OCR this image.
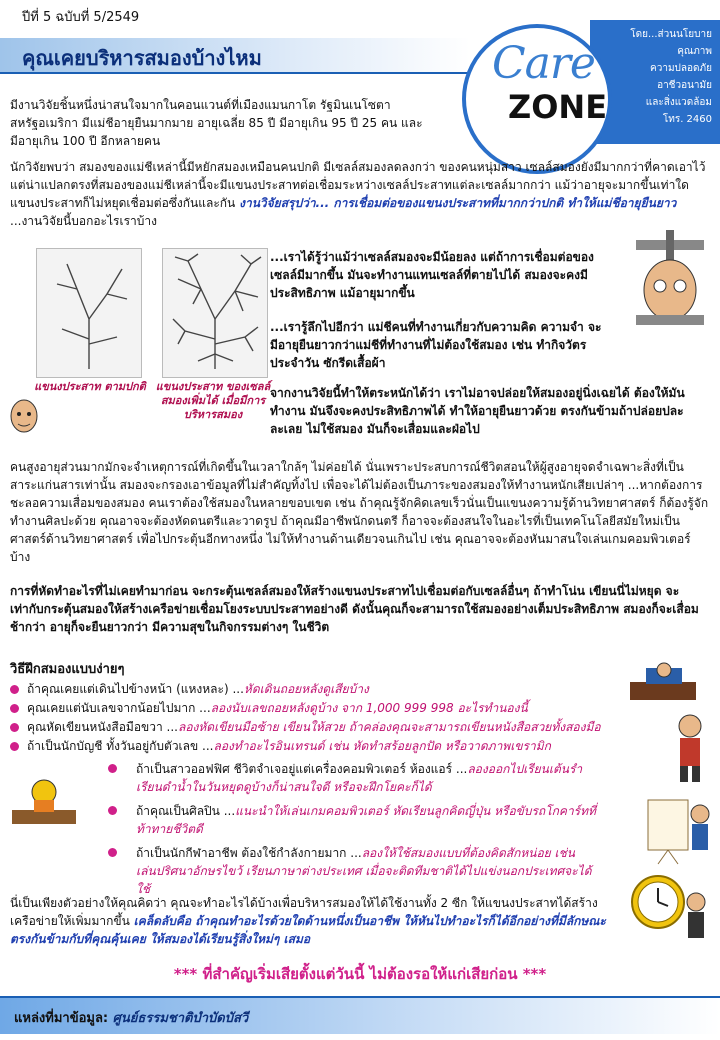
ปีที่ 5 ฉบับที่ 5/2549
คุณเคยบริหารสมองบ้างไหม
โดย...ส่วนนโยบาย
คุณภาพ
ความปลอดภัย
อาชีวอนามัย
และสิ่งแวดล้อม
โทร. 2460
Care
ZONE
มีงานวิจัยชิ้นหนึ่งน่าสนใจมากในคอนแวนต์ที่เมืองแมนกาโต รัฐมินเนโซตา สหรัฐอเมริกา มีแม่ชีอายุยืนมากมาย อายุเฉลี่ย 85 ปี มีอายุเกิน 95 ปี 25 คน และมีอายุเกิน 100 ปี อีกหลายคน
นักวิจัยพบว่า สมองของแม่ชีเหล่านี้มีหยักสมองเหมือนคนปกติ มีเซลล์สมองลดลงกว่า ของคนหนุ่มสาว เซลล์สมองยังมีมากกว่าที่คาดเอาไว้ แต่น่าแปลกตรงที่สมองของแม่ชีเหล่านี้จะมีแขนงประสาทต่อเชื่อมระหว่างเซลล์ประสาทแต่ละเซลล์มากกว่า แม้ว่าอายุจะมากขึ้นเท่าใด แขนงประสาทก็ไม่หยุดเชื่อมต่อซึ่งกันและกัน งานวิจัยสรุปว่า... การเชื่อมต่อของแขนงประสาทที่มากกว่าปกติ ทำให้แม่ชีอายุยืนยาว ...งานวิจัยนี้บอกอะไรเราบ้าง
แขนงประสาท ตามปกติ แขนงประสาท ของเซลล์สมองเพิ่มได้ เมื่อมีการบริหารสมอง
...เราได้รู้ว่าแม้ว่าเซลล์สมองจะมีน้อยลง แต่ถ้าการเชื่อมต่อของเซลล์มีมากขึ้น มันจะทำงานแทนเซลล์ที่ตายไปได้ สมองจะคงมีประสิทธิภาพ แม้อายุมากขึ้น
...เรารู้ลึกไปอีกว่า แม่ชีคนที่ทำงานเกี่ยวกับความคิด ความจำ จะมีอายุยืนยาวกว่าแม่ชีที่ทำงานที่ไม่ต้องใช้สมอง เช่น ทำกิจวัตรประจำวัน ซักรีดเสื้อผ้า
จากงานวิจัยนี้ทำให้ตระหนักได้ว่า เราไม่อาจปล่อยให้สมองอยู่นิ่งเฉยได้ ต้องให้มันทำงาน มันจึงจะคงประสิทธิภาพได้ ทำให้อายุยืนยาวด้วย ตรงกันข้ามถ้าปล่อยปละละเลย ไม่ใช้สมอง มันก็จะเสื่อมและฝ่อไป
คนสูงอายุส่วนมากมักจะจำเหตุการณ์ที่เกิดขึ้นในเวลาใกล้ๆ ไม่ค่อยได้ นั่นเพราะประสบการณ์ชีวิตสอนให้ผู้สูงอายุจดจำเฉพาะสิ่งที่เป็นสาระแก่นสารเท่านั้น สมองจะกรองเอาข้อมูลที่ไม่สำคัญทิ้งไป เพื่อจะได้ไม่ต้องเป็นภาระของสมองให้ทำงานหนักเสียเปล่าๆ ...หากต้องการชะลอความเสื่อมของสมอง คนเราต้องใช้สมองในหลายขอบเขต เช่น ถ้าคุณรู้จักคิดเลขเร็วนั่นเป็นแขนงความรู้ด้านวิทยาศาสตร์ ก็ต้องรู้จักทำงานศิลปะด้วย คุณอาจจะต้องหัดดนตรีและวาดรูป ถ้าคุณมีอาชีพนักดนตรี ก็อาจจะต้องสนใจในอะไรที่เป็นเทคโนโลยีสมัยใหม่เป็นศาสตร์ด้านวิทยาศาสตร์ เพื่อไปกระตุ้นอีกทางหนึ่ง ไม่ให้ทำงานด้านเดียวจนเกินไป เช่น คุณอาจจะต้องหันมาสนใจเล่นเกมคอมพิวเตอร์บ้าง
การที่หัดทำอะไรที่ไม่เคยทำมาก่อน จะกระตุ้นเซลล์สมองให้สร้างแขนงประสาทไปเชื่อมต่อกับเซลล์อื่นๆ ถ้าทำโน่น เขียนนี่ไม่หยุด จะเท่ากับกระตุ้นสมองให้สร้างเครือข่ายเชื่อมโยงระบบประสาทอย่างดี ดังนั้นคุณก็จะสามารถใช้สมองอย่างเต็มประสิทธิภาพ สมองก็จะเสื่อมช้ากว่า อายุก็จะยืนยาวกว่า มีความสุขในกิจกรรมต่างๆ ในชีวิต
วิธีฝึกสมองแบบง่ายๆ
ถ้าคุณเคยแต่เดินไปข้างหน้า (แหงหละ) ...หัดเดินถอยหลังดูเสียบ้าง
คุณเคยแต่นับเลขจากน้อยไปมาก ...ลองนับเลขถอยหลังดูบ้าง จาก 1,000 999 998 อะไรทำนองนี้
คุณหัดเขียนหนังสือมือขวา ...ลองหัดเขียนมือซ้าย เขียนให้สวย ถ้าคล่องคุณจะสามารถเขียนหนังสือสวยทั้งสองมือ
ถ้าเป็นนักบัญชี ทั้งวันอยู่กับตัวเลข ...ลองทำอะไรอินเทรนด์ เช่น หัดทำสร้อยลูกปัด หรือวาดภาพเขรามิก
ถ้าเป็นสาวออฟฟิศ ชีวิตจำเจอยู่แต่เครื่องคอมพิวเตอร์ ห้องแอร์ ...ลองออกไปเรียนเต้นรำ เรียนดำน้ำในวันหยุดดูบ้างก็น่าสนใจดี หรือจะฝึกโยคะก็ได้
ถ้าคุณเป็นศิลปิน ...แนะนำให้เล่นเกมคอมพิวเตอร์ หัดเรียนลูกคิดญี่ปุ่น หรือขับรถโกคาร์ทที่ท้าทายชีวิตดี
ถ้าเป็นนักกีฬาอาชีพ ต้องใช้กำลังกายมาก ...ลองให้ใช้สมองแบบที่ต้องคิดสักหน่อย เช่น เล่นปริศนาอักษรไขว้ เรียนภาษาต่างประเทศ เมื่อจะติดทีมชาติได้ไปแข่งนอกประเทศจะได้ใช้
นี่เป็นเพียงตัวอย่างให้คุณคิดว่า คุณจะทำอะไรได้บ้างเพื่อบริหารสมองให้ได้ใช้งานทั้ง 2 ซีก ให้แขนงประสาทได้สร้างเครือข่ายให้เพิ่มมากขึ้น เคล็ดลับคือ ถ้าคุณทำอะไรด้วยใดด้านหนึ่งเป็นอาชีพ ให้หันไปทำอะไรก็ได้อีกอย่างที่มีลักษณะตรงกันข้ามกับที่คุณคุ้นเคย ให้สมองได้เรียนรู้สิ่งใหม่ๆ เสมอ
*** ที่สำคัญเริ่มเสียตั้งแต่วันนี้ ไม่ต้องรอให้แก่เสียก่อน ***
แหล่งที่มาข้อมูล: ศูนย์ธรรมชาติบำบัดบัสวี
